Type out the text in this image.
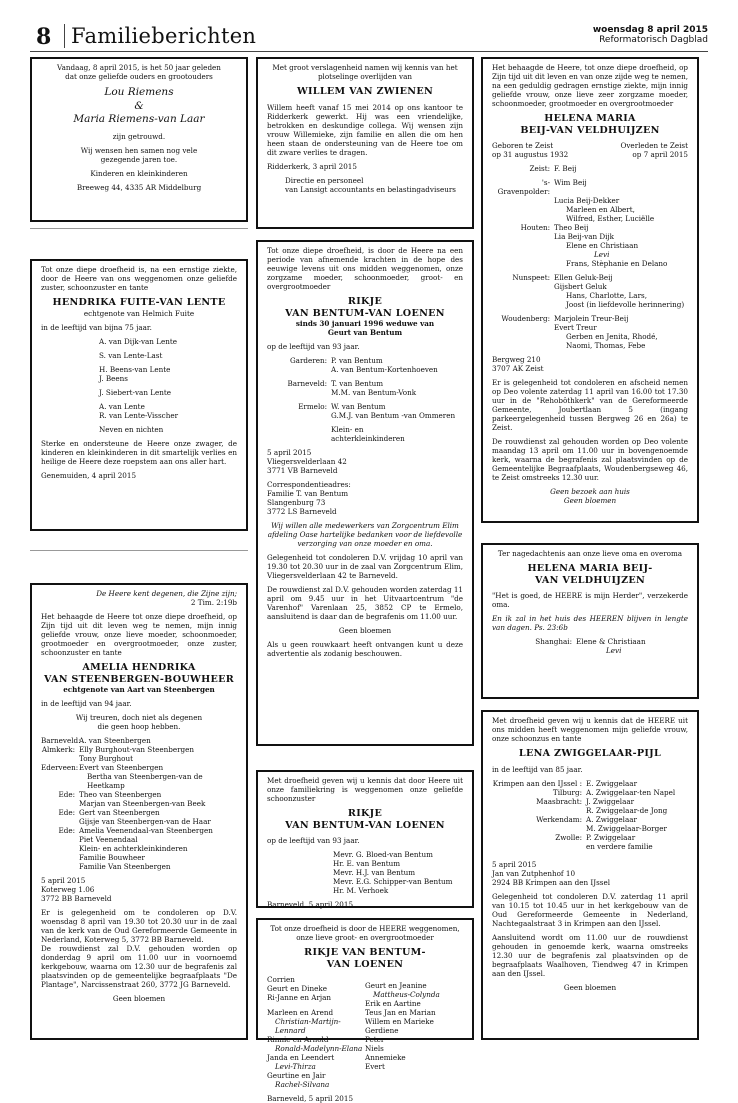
8 Familieberichten	woensdag 8 april 2015
Reformatorisch Dagblad
Vandaag, 8 april 2015, is het 50 jaar geleden
dat onze geliefde ouders en grootouders
Lou Riemens
&
Maria Riemens-van Laar
zijn getrouwd.
Wij wensen hen samen nog vele
gezegende jaren toe.
Kinderen en kleinkinderen
Breeweg 44, 4335 AR Middelburg
Tot onze diepe droefheid is, na een ernstige ziekte, door de Heere van ons weggenomen onze geliefde zuster, schoonzuster en tante
HENDRIKA FUITE-VAN LENTE
echtgenote van Helmich Fuite
in de leeftijd van bijna 75 jaar.
A. van Dijk-van Lente
S. van Lente-Last
H. Beens-van Lente
J. Beens
J. Siebert-van Lente
A. van Lente
R. van Lente-Visscher
Neven en nichten
Sterke en ondersteune de Heere onze zwager, de kinderen en kleinkinderen in dit smartelijk verlies en heilige de Heere deze roepstem aan ons aller hart.
Genemuiden, 4 april 2015
De Heere kent degenen, die Zijne zijn;
2 Tim. 2:19b
Het behaagde de Heere tot onze diepe droefheid, op Zijn tijd uit dit leven weg te nemen, mijn innig geliefde vrouw, onze lieve moeder, schoonmoeder, grootmoeder en overgrootmoeder, onze zuster, schoonzuster en tante
AMELIA HENDRIKA
VAN STEENBERGEN-BOUWHEER
echtgenote van Aart van Steenbergen
in de leeftijd van 94 jaar.
Wij treuren, doch niet als degenen
die geen hoop hebben.
Barneveld:
A. van Steenbergen
Almkerk: Elly Burghout-van Steenbergen
Tony Burghout
Ederveen: Evert van Steenbergen
Bertha van Steenbergen-van de Heetkamp
Ede: Theo van Steenbergen
Marjan van Steenbergen-van Beek
Ede: Gert van Steenbergen
Gijsje van Steenbergen-van de Haar
Ede: Amelia Veenendaal-van Steenbergen
Piet Veenendaal
Klein- en achterkleinkinderen
Familie Bouwheer
Familie Van Steenbergen
5 april 2015
Koterweg 1.06
3772 BB Barneveld
Er is gelegenheid om te condoleren op D.V. woensdag 8 april van 19.30 tot 20.30 uur in de zaal van de kerk van de Oud Gereformeerde Gemeente in Nederland, Koterweg 5, 3772 BB Barneveld.
De rouwdienst zal D.V. gehouden worden op donderdag 9 april om 11.00 uur in voornoemd kerkgebouw, waarna om 12.30 uur de begrafenis zal plaatsvinden op de gemeentelijke begraafplaats "De Plantage", Narcissenstraat 260, 3772 JG Barneveld.
Geen bloemen
Met groot verslagenheid namen wij kennis van het plotselinge overlijden van
WILLEM VAN ZWIENEN
Willem heeft vanaf 15 mei 2014 op ons kantoor te Ridderkerk gewerkt. Hij was een vriendelijke, betrokken en deskundige collega. Wij wensen zijn vrouw Willemieke, zijn familie en allen die om hen heen staan de ondersteuning van de Heere toe om dit zware verlies te dragen.
Ridderkerk, 3 april 2015
Directie en personeel
van Lansigt accountants en belastingadviseurs
Tot onze diepe droefheid, is door de Heere na een periode van afnemende krachten in de hope des eeuwige levens uit ons midden weggenomen, onze zorgzame moeder, schoonmoeder, groot- en overgrootmoeder
RIKJE
VAN BENTUM-VAN LOENEN
sinds 30 januari 1996 weduwe van
Geurt van Bentum
op de leeftijd van 93 jaar.
Garderen: P. van Bentum
A. van Bentum-Kortenhoeven
Barneveld: T. van Bentum
M.M. van Bentum-Vonk
Ermelo: W. van Bentum
G.M.J. van Bentum -van Ommeren
Klein- en
achterkleinkinderen
5 april 2015
Vliegersvelderlaan 42
3771 VB Barneveld
Correspondentieadres:
Familie T. van Bentum
Slangenburg 73
3772 LS Barneveld
Wij willen alle medewerkers van Zorgcentrum Elim afdeling Oase hartelijke bedanken voor de liefdevolle verzorging van onze moeder en oma.
Gelegenheid tot condoleren D.V. vrijdag 10 april van 19.30 tot 20.30 uur in de zaal van Zorgcentrum Elim, Vliegersvelderlaan 42 te Barneveld.
De rouwdienst zal D.V. gehouden worden zaterdag 11 april om 9.45 uur in het Uitvaartcentrum "de Varenhof" Varenlaan 25, 3852 CP te Ermelo, aansluitend is daar dan de begrafenis om 11.00 uur.
Geen bloemen
Als u geen rouwkaart heeft ontvangen kunt u deze advertentie als zodanig beschouwen.
Met droefheid geven wij u kennis dat door Heere uit onze familiekring is weggenomen onze geliefde schoonzuster
RIKJE
VAN BENTUM-VAN LOENEN
op de leeftijd van 93 jaar.
Mevr. G. Bloed-van Bentum
Hr. E. van Bentum
Mevr. H.J. van Bentum
Mevr. E.G. Schipper-van Bentum
Hr. M. Verhoek
Barneveld, 5 april 2015
Tot onze droefheid is door de HEERE weggenomen, onze lieve groot- en overgrootmoeder
RIKJE VAN BENTUM-
VAN LOENEN
Corrien
Geurt en Dineke
Ri-Janne en Arjan
Marleen en Arend
Christian-Martijn-Lennard
Rinnie en Arnold
Ronald-Madelynn-Elana
Janda en Leendert
Levi-Thirza
Geurtine en Jair
Rachel-Silvana
Geurt en Jeanine
Mattheus-Colynda
Erik en Aartine
Teus Jan en Marian
Willem en Marieke
Gerdiene
Peter
Niels
Annemieke
Evert
Barneveld, 5 april 2015
Het behaagde de Heere, tot onze diepe droefheid, op Zijn tijd uit dit leven en van onze zijde weg te nemen, na een geduldig gedragen ernstige ziekte, mijn innig geliefde vrouw, onze lieve zeer zorgzame moeder, schoonmoeder, grootmoeder en overgrootmoeder
HELENA MARIA
BEIJ-VAN VELDHUIJZEN
Geboren te Zeist
op 31 augustus 1932
Overleden te Zeist
op 7 april 2015
Zeist: F. Beij
's-Gravenpolder:
Wim Beij
Lucia Beij-Dekker
Marleen en Albert,
Wilfred, Esther, Luciëlle
Houten: Theo Beij
Lia Beij-van Dijk
Elene en Christiaan
Levi
Frans, Stèphanie en Delano
Nunspeet: Ellen Geluk-Beij
Gijsbert Geluk
Hans, Charlotte, Lars,
Joost (in liefdevolle herinnering)
Woudenberg: Marjolein Treur-Beij
Evert Treur
Gerben en Jenita, Rhodé,
Naomi, Thomas, Febe
Bergweg 210
3707 AK Zeist
Er is gelegenheid tot condoleren en afscheid nemen op Deo volente zaterdag 11 april van 16.00 tot 17.30 uur in de "Rehobôthkerk" van de Gereformeerde Gemeente, Joubertlaan 5 (ingang parkeergelegenheid tussen Bergweg 26 en 26a) te Zeist.
De rouwdienst zal gehouden worden op Deo volente maandag 13 april om 11.00 uur in bovengenoemde kerk, waarna de begrafenis zal plaatsvinden op de Gemeentelijke Begraafplaats, Woudenbergseweg 46, te Zeist omstreeks 12.30 uur.
Geen bezoek aan huis
Geen bloemen
Ter nagedachtenis aan onze lieve oma en overoma
HELENA MARIA BEIJ-
VAN VELDHUIJZEN
"Het is goed, de HEERE is mijn Herder", verzekerde oma.
En ik zal in het huis des HEEREN blijven in lengte van dagen. Ps. 23:6b
Shanghai: Elene & Christiaan
Levi
Met droefheid geven wij u kennis dat de HEERE uit ons midden heeft weggenomen mijn geliefde vrouw, onze schoonzus en tante
LENA ZWIGGELAAR-PIJL
in de leeftijd van 85 jaar.
Krimpen aan den IJssel : E. Zwiggelaar
Tilburg: A. Zwiggelaar-ten Napel
Maasbracht: J. Zwiggelaar
R. Zwiggelaar-de Jong
Werkendam: A. Zwiggelaar
M. Zwiggelaar-Borger
Zwolle: P. Zwiggelaar
en verdere familie
5 april 2015
Jan van Zutphenhof 10
2924 BB Krimpen aan den IJssel
Gelegenheid tot condoleren D.V. zaterdag 11 april van 10.15 tot 10.45 uur in het kerkgebouw van de Oud Gereformeerde Gemeente in Nederland, Nachtegaalstraat 3 in Krimpen aan den IJssel.
Aansluitend wordt om 11.00 uur de rouwdienst gehouden in genoemde kerk, waarna omstreeks 12.30 uur de begrafenis zal plaatsvinden op de begraafplaats Waalhoven, Tiendweg 47 in Krimpen aan den IJssel.
Geen bloemen
